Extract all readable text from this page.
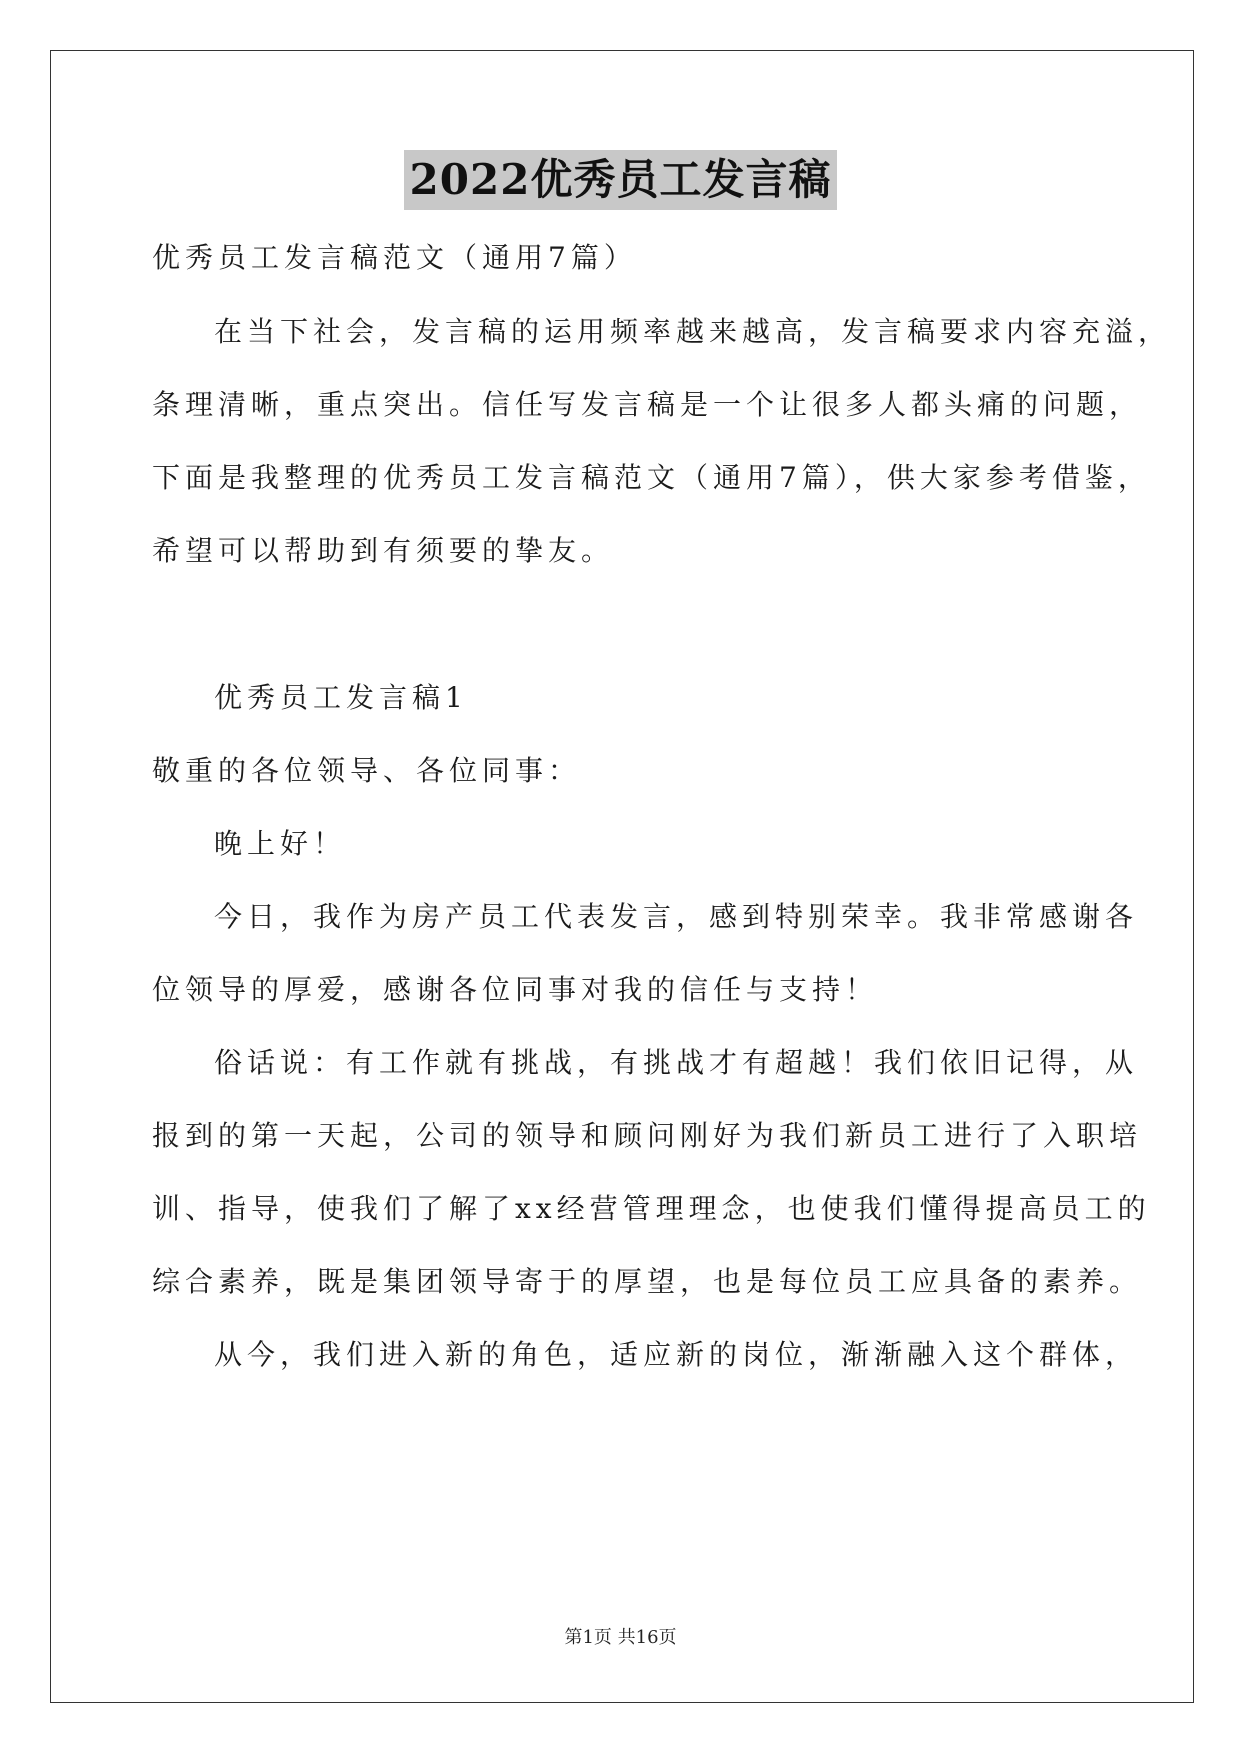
2022优秀员工发言稿
优秀员工发言稿范文（通用7篇）
在当下社会，发言稿的运用频率越来越高，发言稿要求内容充溢，
条理清晰，重点突出。信任写发言稿是一个让很多人都头痛的问题，
下面是我整理的优秀员工发言稿范文（通用7篇），供大家参考借鉴，
希望可以帮助到有须要的挚友。
优秀员工发言稿1
敬重的各位领导、各位同事：
晚上好！
今日，我作为房产员工代表发言，感到特别荣幸。我非常感谢各
位领导的厚爱，感谢各位同事对我的信任与支持！
俗话说：有工作就有挑战，有挑战才有超越！我们依旧记得，从
报到的第一天起，公司的领导和顾问刚好为我们新员工进行了入职培
训、指导，使我们了解了xx经营管理理念，也使我们懂得提高员工的
综合素养，既是集团领导寄于的厚望，也是每位员工应具备的素养。
从今，我们进入新的角色，适应新的岗位，渐渐融入这个群体，
第1页 共16页
